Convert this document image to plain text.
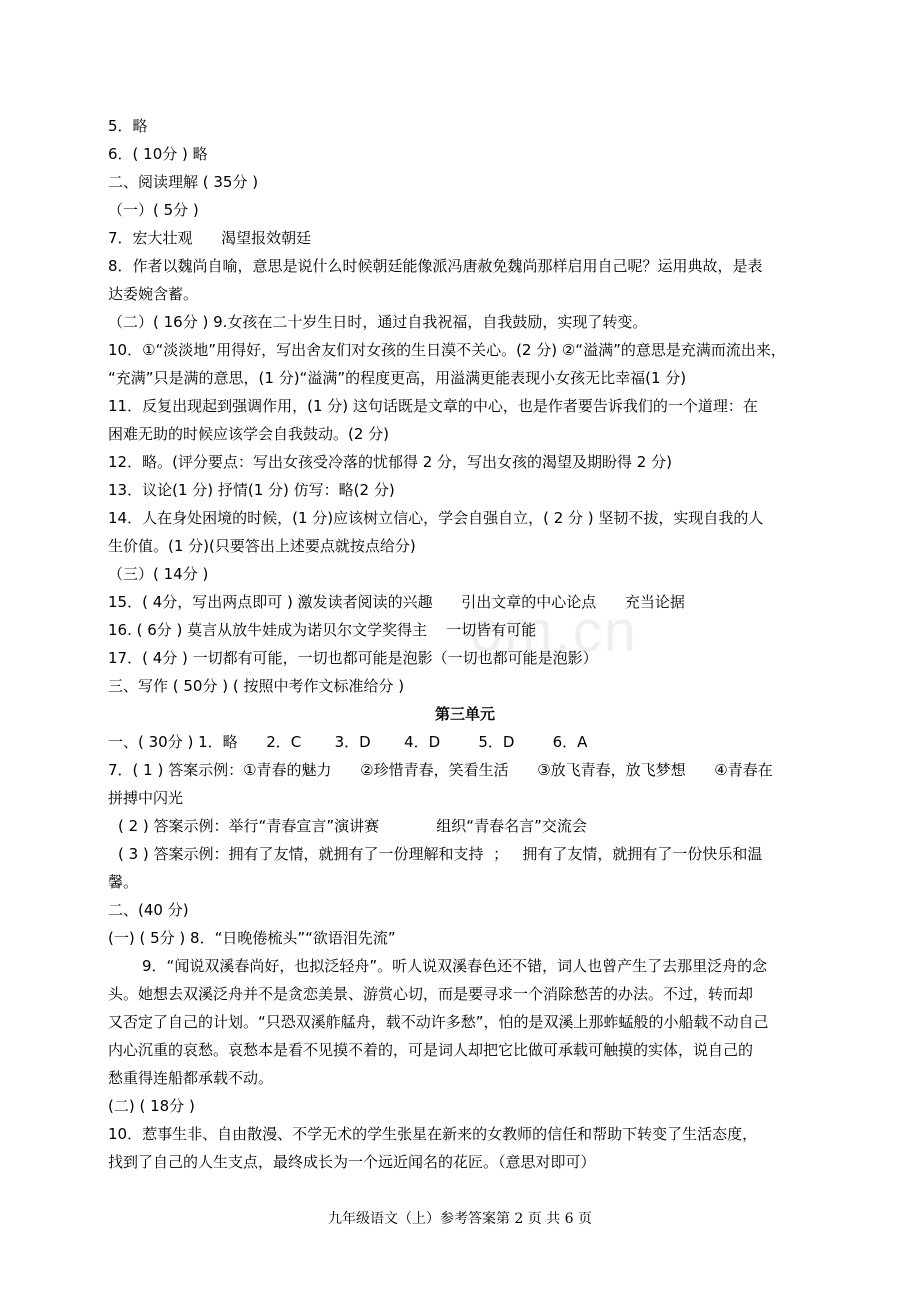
5．略
6．( 10分 ) 略
二、阅读理解 ( 35分 )
（一）( 5分 )
7．宏大壮观      渴望报效朝廷
8．作者以魏尚自喻，意思是说什么时候朝廷能像派冯唐赦免魏尚那样启用自己呢？运用典故，是表
达委婉含蓄。
（二）( 16分 ) 9.女孩在二十岁生日时，通过自我祝福，自我鼓励，实现了转变。
10．①“淡淡地”用得好，写出舍友们对女孩的生日漠不关心。(2 分) ②“溢满”的意思是充满而流出来，
“充满”只是满的意思，(1 分)“溢满”的程度更高，用溢满更能表现小女孩无比幸福(1 分)
11．反复出现起到强调作用，(1 分) 这句话既是文章的中心，也是作者要告诉我们的一个道理：在
困难无助的时候应该学会自我鼓动。(2 分)
12．略。(评分要点：写出女孩受冷落的忧郁得 2 分，写出女孩的渴望及期盼得 2 分)
13．议论(1 分) 抒情(1 分) 仿写：略(2 分)
14．人在身处困境的时候，(1 分)应该树立信心，学会自强自立，( 2 分 ) 坚韧不拔，实现自我的人
生价值。(1 分)(只要答出上述要点就按点给分)
（三）( 14分 )
15．( 4分，写出两点即可 ) 激发读者阅读的兴趣      引出文章的中心论点      充当论据
16. ( 6分 ) 莫言从放牛娃成为诺贝尔文学奖得主    一切皆有可能
17．( 4分 ) 一切都有可能，一切也都可能是泡影（一切也都可能是泡影）
三、写作 ( 50分 ) ( 按照中考作文标准给分 )
第三单元
一、( 30分 ) 1．略      2．C       3．D       4．D        5．D        6．A
7．( 1 ) 答案示例：①青春的魅力      ②珍惜青春，笑看生活      ③放飞青春，放飞梦想      ④青春在
拼搏中闪光
( 2 ) 答案示例：举行“青春宣言”演讲赛            组织“青春名言”交流会
( 3 ) 答案示例：拥有了友情，就拥有了一份理解和支持  ；   拥有了友情，就拥有了一份快乐和温
馨。
二、(40 分)
(一) ( 5分 ) 8．“日晚倦梳头”“欲语泪先流”
9．“闻说双溪春尚好，也拟泛轻舟”。听人说双溪春色还不错，词人也曾产生了去那里泛舟的念
头。她想去双溪泛舟并不是贪恋美景、游赏心切，而是要寻求一个消除愁苦的办法。不过，转而却
又否定了自己的计划。“只恐双溪舴艋舟，载不动许多愁”，怕的是双溪上那蚱蜢般的小船载不动自己
内心沉重的哀愁。哀愁本是看不见摸不着的，可是词人却把它比做可承载可触摸的实体，说自己的
愁重得连船都承载不动。
(二) ( 18分 )
10．惹事生非、自由散漫、不学无术的学生张星在新来的女教师的信任和帮助下转变了生活态度，
找到了自己的人生支点，最终成长为一个远近闻名的花匠。（意思对即可）
om.cn
九年级语文（上）参考答案第 2 页 共 6 页
